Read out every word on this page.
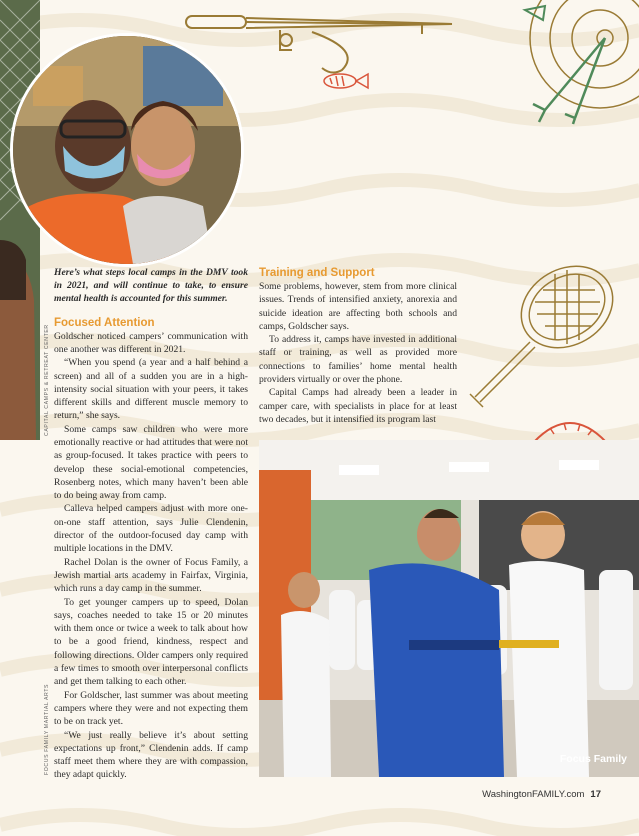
CAPITAL CAMPS & RETREAT CENTER
FOCUS FAMILY MARTIAL ARTS

Here’s what steps local camps in the DMV took in 2021, and will continue to take, to ensure mental health is accounted for this summer.

Focused Attention

Goldscher noticed campers’ communication with one another was different in 2021.

“When you spend (a year and a half behind a screen) and all of a sudden you are in a high-intensity social situation with your peers, it takes different skills and different muscle memory to return,” she says.

Some camps saw children who were more emotionally reactive or had attitudes that were not as group-focused. It takes practice with peers to develop these social-emotional competencies, Rosenberg notes, which many haven’t been able to do being away from camp.

Calleva helped campers adjust with more one-on-one staff attention, says Julie Clendenin, director of the outdoor-focused day camp with multiple locations in the DMV.

Rachel Dolan is the owner of Focus Family, a Jewish martial arts academy in Fairfax, Virginia, which runs a day camp in the summer.

To get younger campers up to speed, Dolan says, coaches needed to take 15 or 20 minutes with them once or twice a week to talk about how to be a good friend, kindness, respect and following directions. Older campers only required a few times to smooth over interpersonal conflicts and get them talking to each other.

For Goldscher, last summer was about meeting campers where they were and not expecting them to be on track yet.

“We just really believe it’s about setting expectations up front,” Clendenin adds. If camp staff meet them where they are with compassion, they adapt quickly.

Training and Support

Some problems, however, stem from more clinical issues. Trends of intensified anxiety, anorexia and suicide ideation are affecting both schools and camps, Goldscher says.

To address it, camps have invested in additional staff or training, as well as provided more connections to families’ home mental health providers virtually or over the phone.

Capital Camps had already been a leader in camper care, with specialists in place for at least two decades, but it intensified its program last

Focus Family
WashingtonFAMILY.com 17
